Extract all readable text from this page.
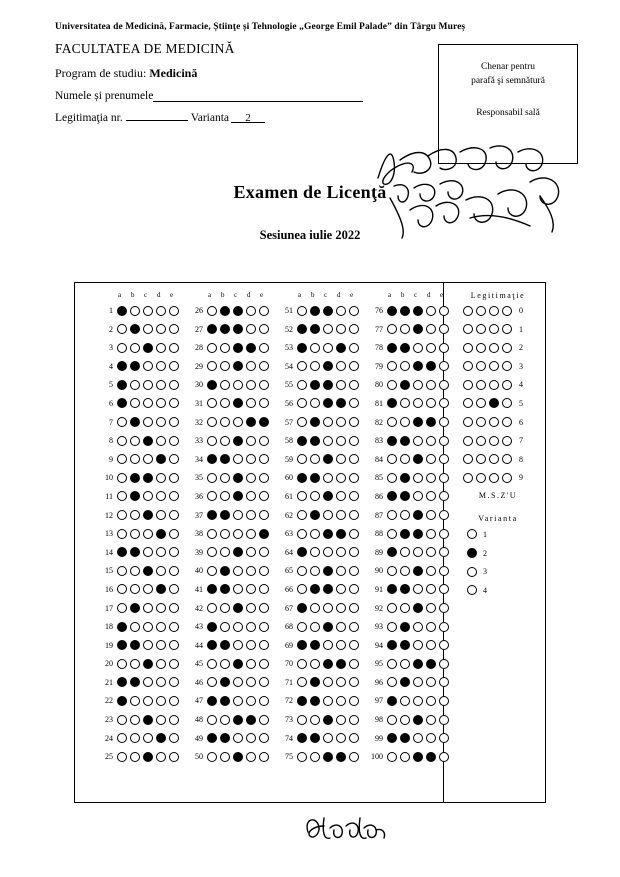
Universitatea de Medicină, Farmacie, Știinţe și Tehnologie „George Emil Palade” din Târgu Mureș
FACULTATEA DE MEDICINĂ
Program de studiu: Medicină
Numele și prenumele
Legitimaţia nr.	Varianta 2
Chenar pentru
parafă şi semnătură
Responsabil sală
Examen de Licenţă
Sesiunea iulie 2022
a b c d e
1
2
3
4
5
6
7
8
9
10
11
12
13
14
15
16
17
18
19
20
21
22
23
24
25
a b c d e
26
27
28
29
30
31
32
33
34
35
36
37
38
39
40
41
42
43
44
45
46
47
48
49
50
a b c d e
51
52
53
54
55
56
57
58
59
60
61
62
63
64
65
66
67
68
69
70
71
72
73
74
75
a b c d e
76
77
78
79
80
81
82
83
84
85
86
87
88
89
90
91
92
93
94
95
96
97
98
99
100
Legitimaţie
0
1
2
3
4
5
6
7
8
9
M.S.Z'U
Varianta
1
2
3
4
